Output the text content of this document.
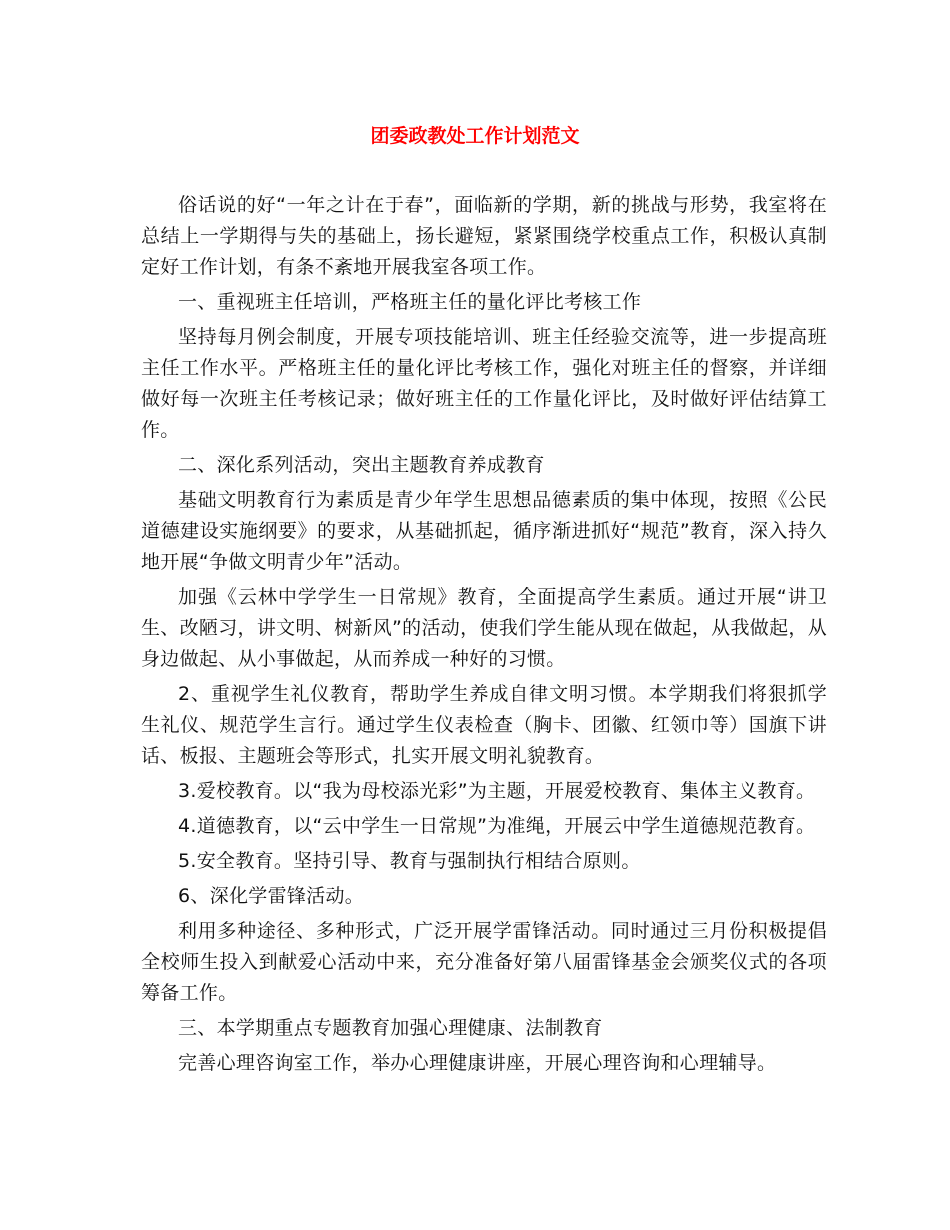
团委政教处工作计划范文

俗话说的好“一年之计在于春”，面临新的学期，新的挑战与形势，我室将在总结上一学期得与失的基础上，扬长避短，紧紧围绕学校重点工作，积极认真制定好工作计划，有条不紊地开展我室各项工作。

一、重视班主任培训，严格班主任的量化评比考核工作

坚持每月例会制度，开展专项技能培训、班主任经验交流等，进一步提高班主任工作水平。严格班主任的量化评比考核工作，强化对班主任的督察，并详细做好每一次班主任考核记录；做好班主任的工作量化评比，及时做好评估结算工作。

二、深化系列活动，突出主题教育养成教育

基础文明教育行为素质是青少年学生思想品德素质的集中体现，按照《公民道德建设实施纲要》的要求，从基础抓起，循序渐进抓好“规范”教育，深入持久地开展“争做文明青少年”活动。

加强《云林中学学生一日常规》教育，全面提高学生素质。通过开展“讲卫生、改陋习，讲文明、树新风”的活动，使我们学生能从现在做起，从我做起，从身边做起、从小事做起，从而养成一种好的习惯。

2、重视学生礼仪教育，帮助学生养成自律文明习惯。本学期我们将狠抓学生礼仪、规范学生言行。通过学生仪表检查（胸卡、团徽、红领巾等）国旗下讲话、板报、主题班会等形式，扎实开展文明礼貌教育。

3.爱校教育。以“我为母校添光彩”为主题，开展爱校教育、集体主义教育。

4.道德教育，以“云中学生一日常规”为准绳，开展云中学生道德规范教育。

5.安全教育。坚持引导、教育与强制执行相结合原则。

6、深化学雷锋活动。

利用多种途径、多种形式，广泛开展学雷锋活动。同时通过三月份积极提倡全校师生投入到献爱心活动中来，充分准备好第八届雷锋基金会颁奖仪式的各项筹备工作。

三、本学期重点专题教育加强心理健康、法制教育

完善心理咨询室工作，举办心理健康讲座，开展心理咨询和心理辅导。
